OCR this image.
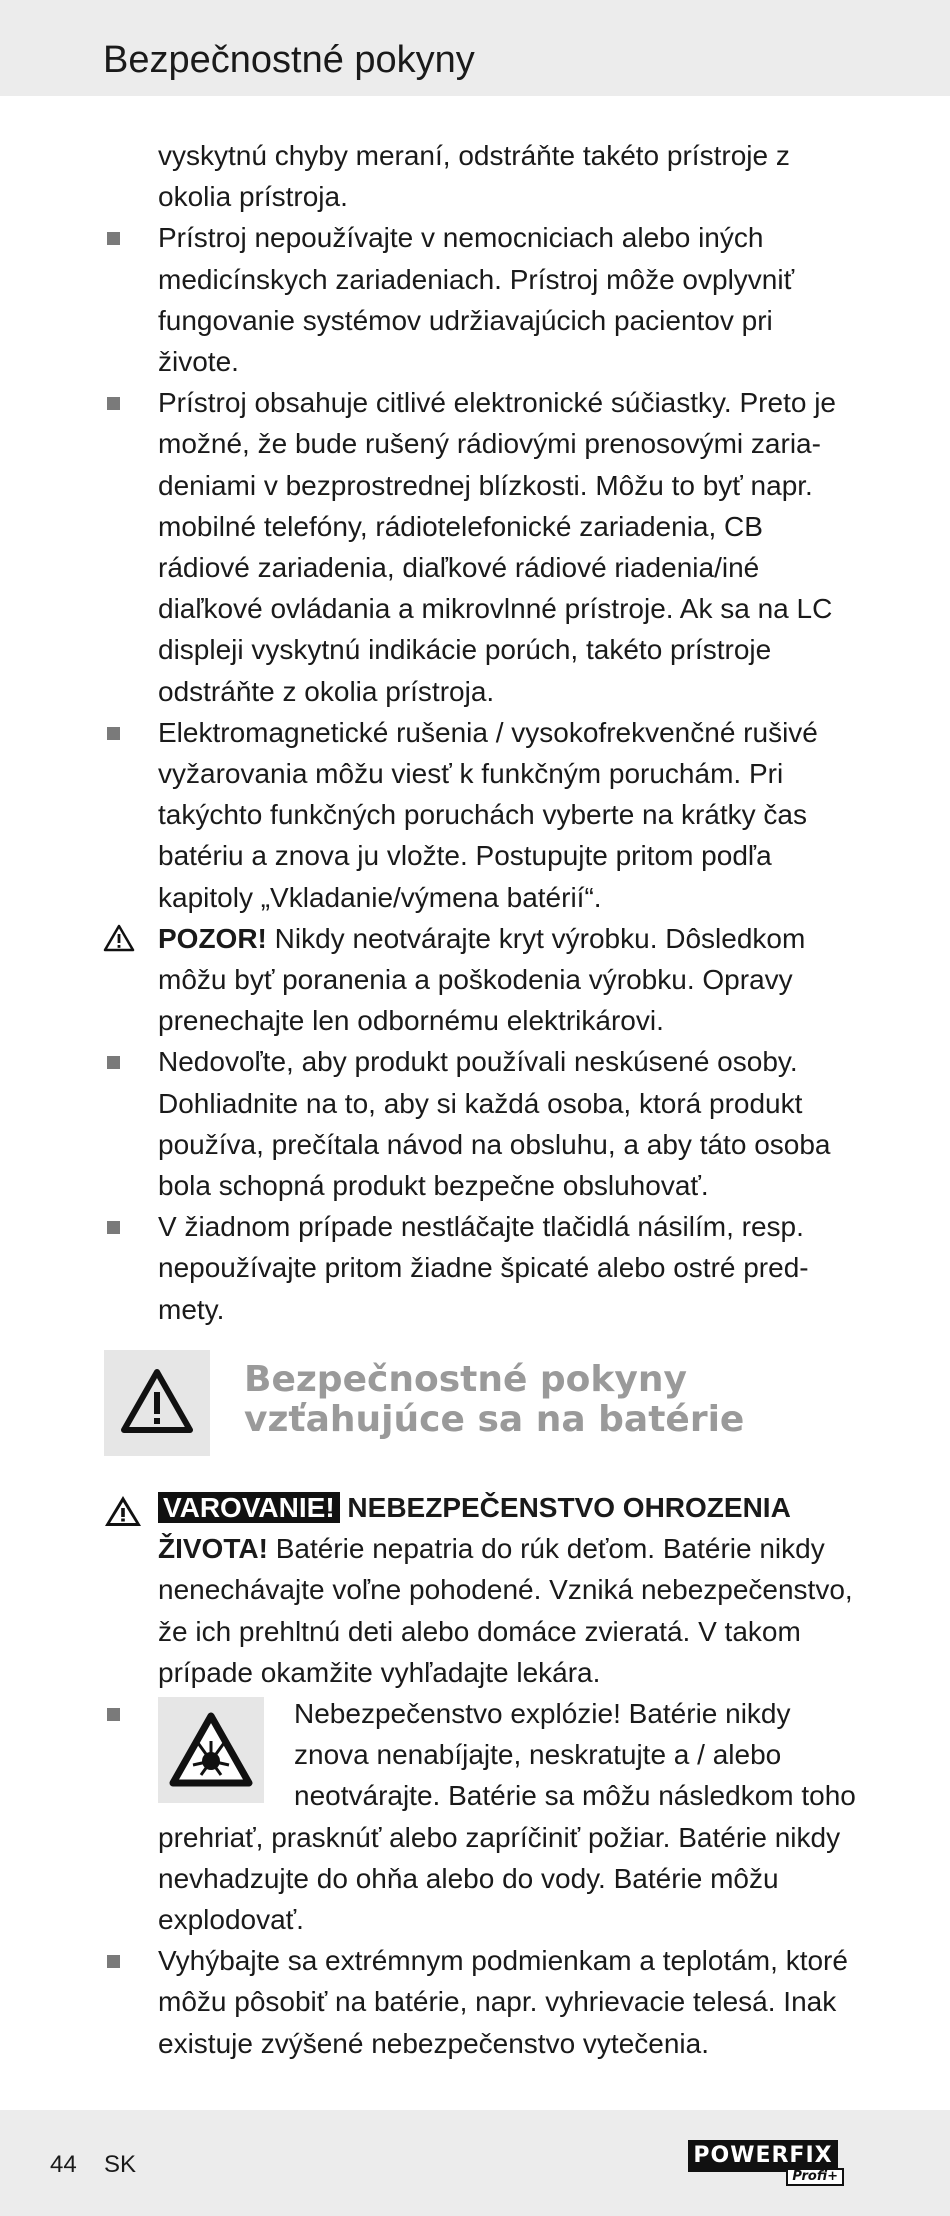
Bezpečnostné pokyny
vyskytnú chyby meraní, odstráňte takéto prístroje z okolia prístroja.
Prístroj nepoužívajte v nemocniciach alebo iných medicínskych zariadeniach. Prístroj môže ovplyvniť fungovanie systémov udržiavajúcich pacientov pri živote.
Prístroj obsahuje citlivé elektronické súčiastky. Preto je možné, že bude rušený rádiovými prenosovými zariadeniami v bezprostrednej blízkosti. Môžu to byť napr. mobilné telefóny, rádiotelefonické zariadenia, CB rádiové zariadenia, diaľkové rádiové riadenia/iné diaľkové ovládania a mikrovlnné prístroje. Ak sa na LC displeji vyskytnú indikácie porúch, takéto prístroje odstráňte z okolia prístroja.
Elektromagnetické rušenia / vysokofrekvenčné rušivé vyžarovania môžu viesť k funkčným poruchám. Pri takýchto funkčných poruchách vyberte na krátky čas batériu a znova ju vložte. Postupujte pritom podľa kapitoly „Vkladanie/výmena batérií“.
POZOR! Nikdy neotvárajte kryt výrobku. Dôsledkom môžu byť poranenia a poškodenia výrobku. Opravy prenechajte len odbornému elektrikárovi.
Nedovoľte, aby produkt používali neskúsené osoby. Dohliadnite na to, aby si každá osoba, ktorá produkt používa, prečítala návod na obsluhu, a aby táto osoba bola schopná produkt bezpečne obsluhovať.
V žiadnom prípade nestláčajte tlačidlá násilím, resp. nepoužívajte pritom žiadne špicaté alebo ostré predmety.
Bezpečnostné pokyny
vzťahujúce sa na batérie
VAROVANIE! NEBEZPEČENSTVO OHROZENIA ŽIVOTA! Batérie nepatria do rúk deťom. Batérie nikdy nenechávajte voľne pohodené. Vzniká nebezpečenstvo, že ich prehltnú deti alebo domáce zvieratá. V takom prípade okamžite vyhľadajte lekára.
Nebezpečenstvo explózie! Batérie nikdy znova nenabíjajte, neskratujte a / alebo neotvárajte. Batérie sa môžu následkom toho prehriať, prasknúť alebo zapríčiniť požiar. Batérie nikdy nevhadzujte do ohňa alebo do vody. Batérie môžu explodovať.
Vyhýbajte sa extrémnym podmienkam a teplotám, ktoré môžu pôsobiť na batérie, napr. vyhrievacie telesá. Inak existuje zvýšené nebezpečenstvo vytečenia.
44 SK	POWERFIX
Profi+
